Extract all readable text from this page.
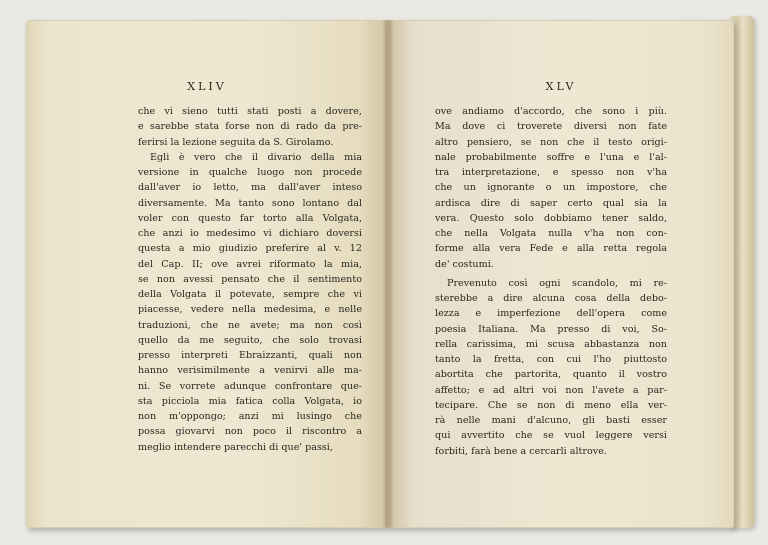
XLIV
che vi sieno tutti stati posti a dovere,
e sarebbe stata forse non di rado da pre-
ferirsi la lezione seguita da S. Girolamo.
Egli è vero che il divario della mia
versione in qualche luogo non procede
dall'aver io letto, ma dall'aver inteso
diversamente. Ma tanto sono lontano dal
voler con questo far torto alla Volgata,
che anzi io medesimo vi dichiaro doversi
questa a mio giudizio preferire al v. 12
del Cap. II; ove avrei riformato la mia,
se non avessi pensato che il sentimento
della Volgata il potevate, sempre che vi
piacesse, vedere nella medesima, e nelle
traduzioni, che ne avete; ma non così
quello da me seguito, che solo trovasi
presso interpreti Ebraizzanti, quali non
hanno verisimilmente a venirvi alle ma-
ni. Se vorrete adunque confrontare que-
sta picciola mia fatica colla Volgata, io
non m'oppongo; anzi mi lusingo che
possa giovarvi non poco il riscontro a
meglio intendere parecchi di que' passi,
XLV
ove andiamo d'accordo, che sono i più.
Ma dove ci troverete diversi non fate
altro pensiero, se non che il testo origi-
nale probabilmente soffre e l'una e l'al-
tra interpretazione, e spesso non v'ha
che un ignorante o un impostore, che
ardisca dire di saper certo qual sia la
vera. Questo solo dobbiamo tener saldo,
che nella Volgata nulla v'ha non con-
forme alla vera Fede e alla retta regola
de' costumi.
Prevenuto così ogni scandolo, mi re-
sterebbe a dire alcuna cosa della debo-
lezza e imperfezione dell'opera come
poesia Italiana. Ma presso di voi, So-
rella carissima, mi scusa abbastanza non
tanto la fretta, con cui l'ho piuttosto
abortita che partorita, quanto il vostro
affetto; e ad altri voi non l'avete a par-
tecipare. Che se non di meno ella ver-
rà nelle mani d'alcuno, gli basti esser
qui avvertito che se vuol leggere versi
forbiti, farà bene a cercarli altrove.
